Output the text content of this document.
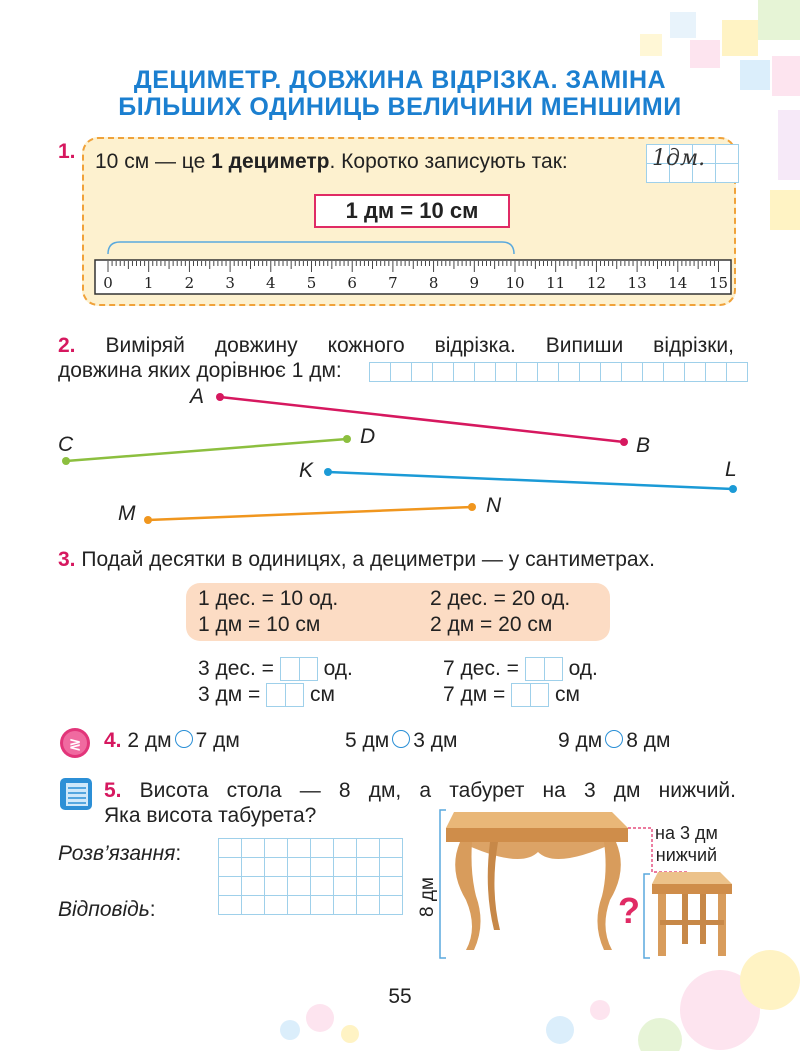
ДЕЦИМЕТР. ДОВЖИНА ВІДРІЗКА. ЗАМІНА
БІЛЬШИХ ОДИНИЦЬ ВЕЛИЧИНИ МЕНШИМИ
1. 10 см — це 1 дециметр. Коротко записують так:

				1дм.
1 дм = 10 см
0 1 2 3 4 5 6 7 8 9 10 11 12 13 14 15
2. Виміряй довжину кожного відрізка. Випиши відрізки,
довжина яких дорівнює 1 дм:
A
B
C	D
K	L
M	N
3. Подай десятки в одиницях, а дециметри — у сантиметрах.
1 дес. = 10 од.	2 дес. = 20 од.
1 дм = 10 см	2 дм = 20 см
3 дес. = од.
3 дм = см
7 дес. = од.
7 дм = см
≷ 4. 2 дм 7 дм	5 дм 3 дм	9 дм 8 дм
5. Висота стола — 8 дм, а табурет на 3 дм нижчий.
Яка висота табурета?
Розв’язання:
Відповідь:

								8 дм
на 3 дм
нижчий
?
55
